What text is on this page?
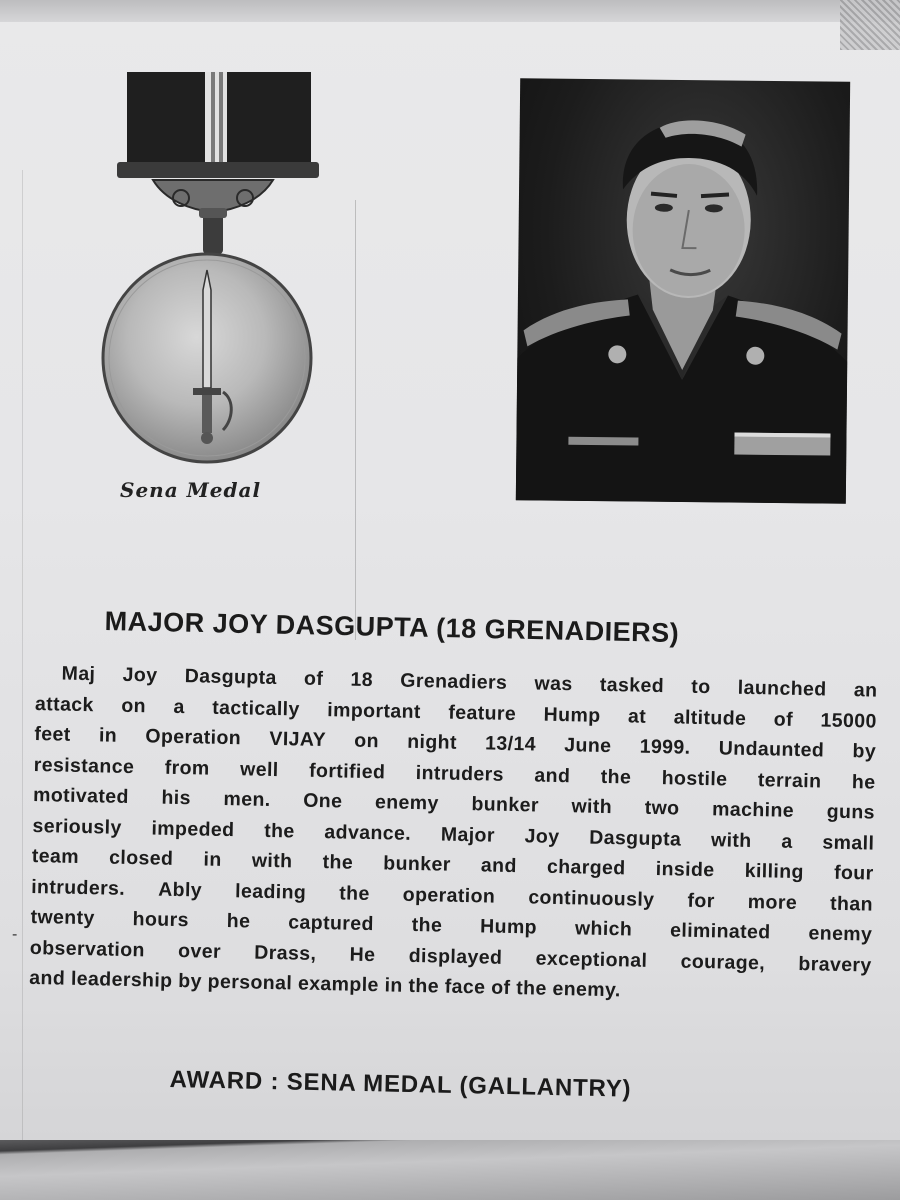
Sena Medal
MAJOR JOY DASGUPTA (18 GRENADIERS)
Maj Joy Dasgupta of 18 Grenadiers was tasked to launched an
attack on a tactically important feature Hump at altitude of 15000
feet in Operation VIJAY on night 13/14 June 1999. Undaunted by
resistance from well fortified intruders and the hostile terrain he
motivated his men. One enemy bunker with two machine guns
seriously impeded the advance. Major Joy Dasgupta with a small
team closed in with the bunker and charged inside killing four
intruders. Ably leading the operation continuously for more than
twenty hours he captured the Hump which eliminated enemy
observation over Drass, He displayed exceptional courage, bravery
and leadership by personal example in the face of the enemy.
-
AWARD : SENA MEDAL (GALLANTRY)
